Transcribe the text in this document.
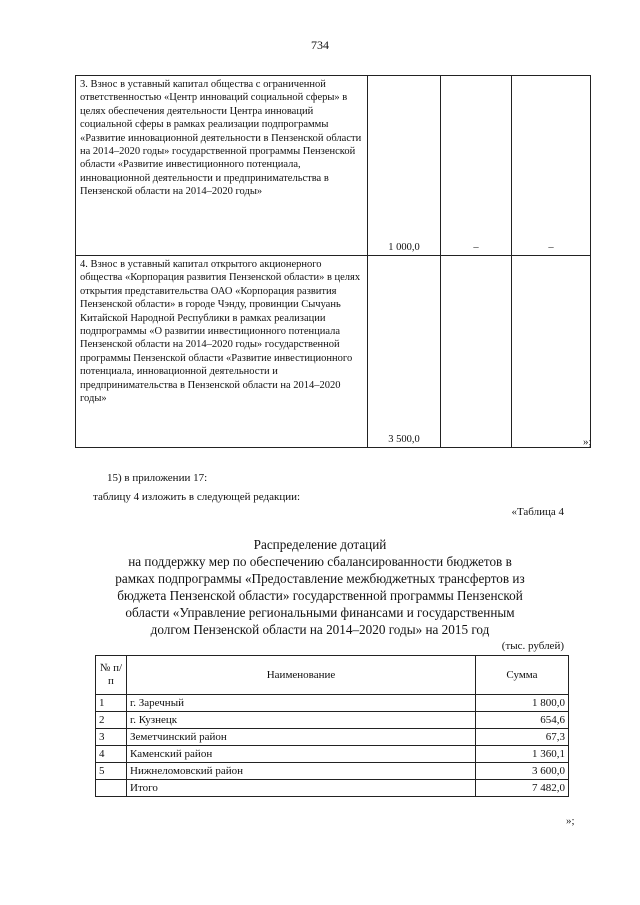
734
3. Взнос в уставный капитал общества с ограниченной ответственностью «Центр инноваций социальной сферы» в целях обеспечения деятельности Центра инноваций социальной сферы в рамках реализации подпрограммы «Развитие инновационной деятельности в Пензенской области на 2014–2020 годы» государственной программы Пензенской области «Развитие инвестиционного потенциала, инновационной деятельности и предпринимательства в Пензенской области на 2014–2020 годы»	1 000,0	–	–
4. Взнос в уставный капитал открытого акционерного общества «Корпорация развития Пензенской области» в целях открытия представительства ОАО «Корпорация развития Пензенской области» в городе Чэнду, провинции Сычуань Китайской Народной Республики в рамках реализации подпрограммы «О развитии инвестиционного потенциала Пензенской области на 2014–2020 годы» государственной программы Пензенской области «Развитие инвестиционного потенциала, инновационной деятельности и предпринимательства в Пензенской области на 2014–2020 годы»	3 500,0			»;
15) в приложении 17:
таблицу 4 изложить в следующей редакции:
«Таблица 4
Распределение дотаций
на поддержку мер по обеспечению сбалансированности бюджетов в
рамках подпрограммы «Предоставление межбюджетных трансфертов из
бюджета Пензенской области» государственной программы Пензенской
области «Управление региональными финансами и государственным
долгом Пензенской области на 2014–2020 годы» на 2015 год
(тыс. рублей)
№ п/п	Наименование	Сумма
1	г. Заречный	1 800,0
2	г. Кузнецк	654,6
3	Земетчинский район	67,3
4	Каменский район	1 360,1
5	Нижнеломовский район	3 600,0
	Итого	7 482,0
»;
